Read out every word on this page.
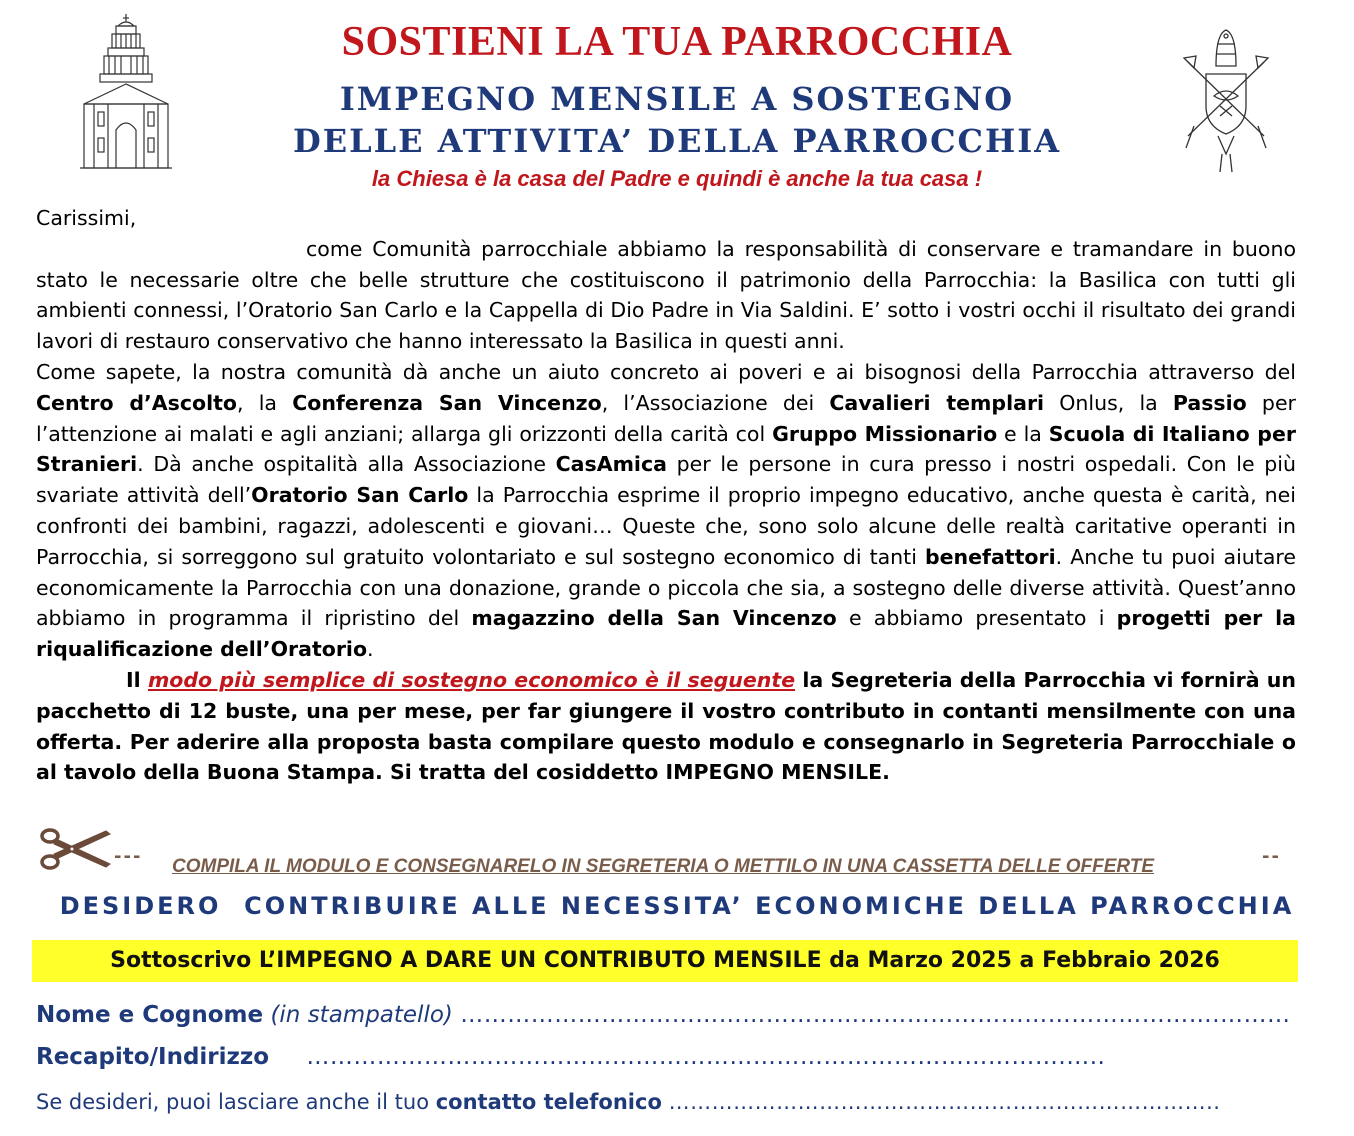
SOSTIENI LA TUA PARROCCHIA
IMPEGNO MENSILE A SOSTEGNO
DELLE ATTIVITA’ DELLA PARROCCHIA
la Chiesa è la casa del Padre e quindi è anche la tua casa !

Carissimi,

come Comunità parrocchiale abbiamo la responsabilità di conservare e tramandare in buono stato le necessarie oltre che belle strutture che costituiscono il patrimonio della Parrocchia: la Basilica con tutti gli ambienti connessi, l’Oratorio San Carlo e la Cappella di Dio Padre in Via Saldini. E’ sotto i vostri occhi il risultato dei grandi lavori di restauro conservativo che hanno interessato la Basilica in questi anni.

Come sapete, la nostra comunità dà anche un aiuto concreto ai poveri e ai bisognosi della Parrocchia attraverso del Centro d’Ascolto, la Conferenza San Vincenzo, l’Associazione dei Cavalieri templari Onlus, la Passio per l’attenzione ai malati e agli anziani; allarga gli orizzonti della carità col Gruppo Missionario e la Scuola di Italiano per Stranieri. Dà anche ospitalità alla Associazione CasAmica per le persone in cura presso i nostri ospedali. Con le più svariate attività dell’Oratorio San Carlo la Parrocchia esprime il proprio impegno educativo, anche questa è carità, nei confronti dei bambini, ragazzi, adolescenti e giovani… Queste che, sono solo alcune delle realtà caritative operanti in Parrocchia, si sorreggono sul gratuito volontariato e sul sostegno economico di tanti benefattori. Anche tu puoi aiutare economicamente la Parrocchia con una donazione, grande o piccola che sia, a sostegno delle diverse attività. Quest’anno abbiamo in programma il ripristino del magazzino della San Vincenzo e abbiamo presentato i progetti per la riqualificazione dell’Oratorio.

Il modo più semplice di sostegno economico è il seguente la Segreteria della Parrocchia vi fornirà un pacchetto di 12 buste, una per mese, per far giungere il vostro contributo in contanti mensilmente con una offerta. Per aderire alla proposta basta compilare questo modulo e consegnarlo in Segreteria Parrocchiale o al tavolo della Buona Stampa. Si tratta del cosiddetto IMPEGNO MENSILE.

--- COMPILA IL MODULO E CONSEGNARELO IN SEGRETERIA O METTILO IN UNA CASSETTA DELLE OFFERTE	--
DESIDERO  CONTRIBUIRE ALLE NECESSITA’ ECONOMICHE DELLA PARROCCHIA
Sottoscrivo L’IMPEGNO A DARE UN CONTRIBUTO MENSILE da Marzo 2025 a Febbraio 2026
Nome e Cognome (in stampatello) …………………………………………………………………………………….………
Recapito/Indirizzo …………………………………………………………………………………….…..
Se desideri, puoi lasciare anche il tuo contatto telefonico …………………………………………………………………..
